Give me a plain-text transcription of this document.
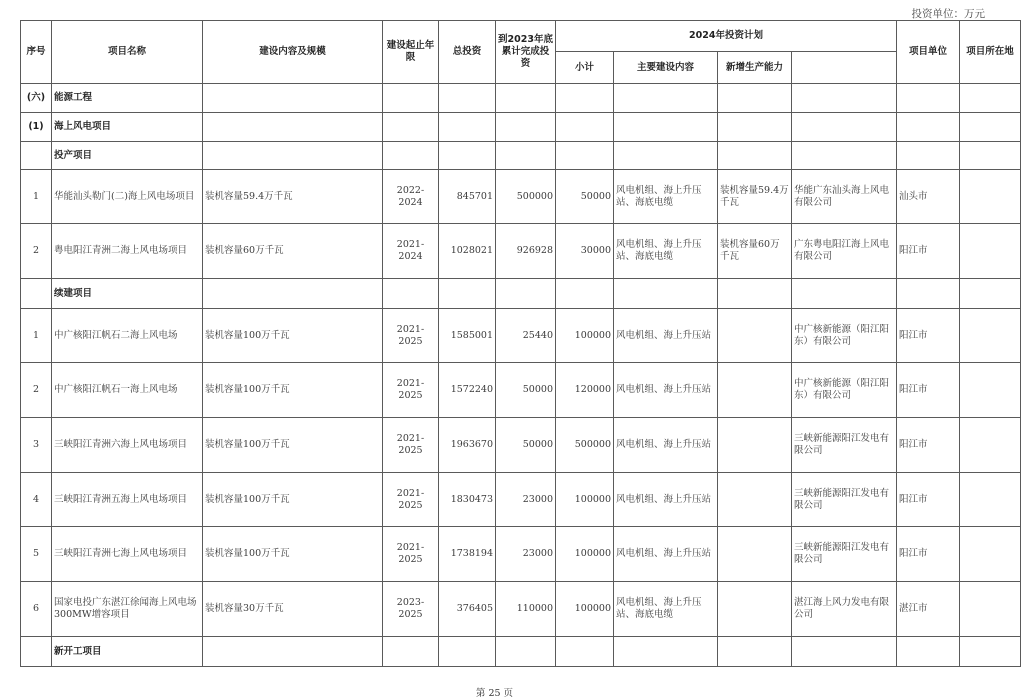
投资单位：万元
序号	项目名称	建设内容及规模	建设起止年限	总投资	到2023年底累计完成投资	2024年投资计划				项目单位	项目所在地	
						小计	主要建设内容	新增生产能力				
(六)	能源工程											
(1)	海上风电项目											
	投产项目											
1	华能汕头勒门(二)海上风电场项目	装机容量59.4万千瓦	2022-2024	845701	500000	50000	风电机组、海上升压站、海底电缆	装机容量59.4万千瓦	华能广东汕头海上风电有限公司	汕头市		
2	粤电阳江青洲二海上风电场项目	装机容量60万千瓦	2021-2024	1028021	926928	30000	风电机组、海上升压站、海底电缆	装机容量60万千瓦	广东粤电阳江海上风电有限公司	阳江市		
	续建项目											
1	中广核阳江帆石二海上风电场	装机容量100万千瓦	2021-2025	1585001	25440	100000	风电机组、海上升压站		中广核新能源（阳江阳东）有限公司	阳江市		
2	中广核阳江帆石一海上风电场	装机容量100万千瓦	2021-2025	1572240	50000	120000	风电机组、海上升压站		中广核新能源（阳江阳东）有限公司	阳江市		
3	三峡阳江青洲六海上风电场项目	装机容量100万千瓦	2021-2025	1963670	50000	500000	风电机组、海上升压站		三峡新能源阳江发电有限公司	阳江市		
4	三峡阳江青洲五海上风电场项目	装机容量100万千瓦	2021-2025	1830473	23000	100000	风电机组、海上升压站		三峡新能源阳江发电有限公司	阳江市		
5	三峡阳江青洲七海上风电场项目	装机容量100万千瓦	2021-2025	1738194	23000	100000	风电机组、海上升压站		三峡新能源阳江发电有限公司	阳江市		
6	国家电投广东湛江徐闻海上风电场300MW增容项目	装机容量30万千瓦	2023-2025	376405	110000	100000	风电机组、海上升压站、海底电缆		湛江海上风力发电有限公司	湛江市		
	新开工项目											
第 25 页
